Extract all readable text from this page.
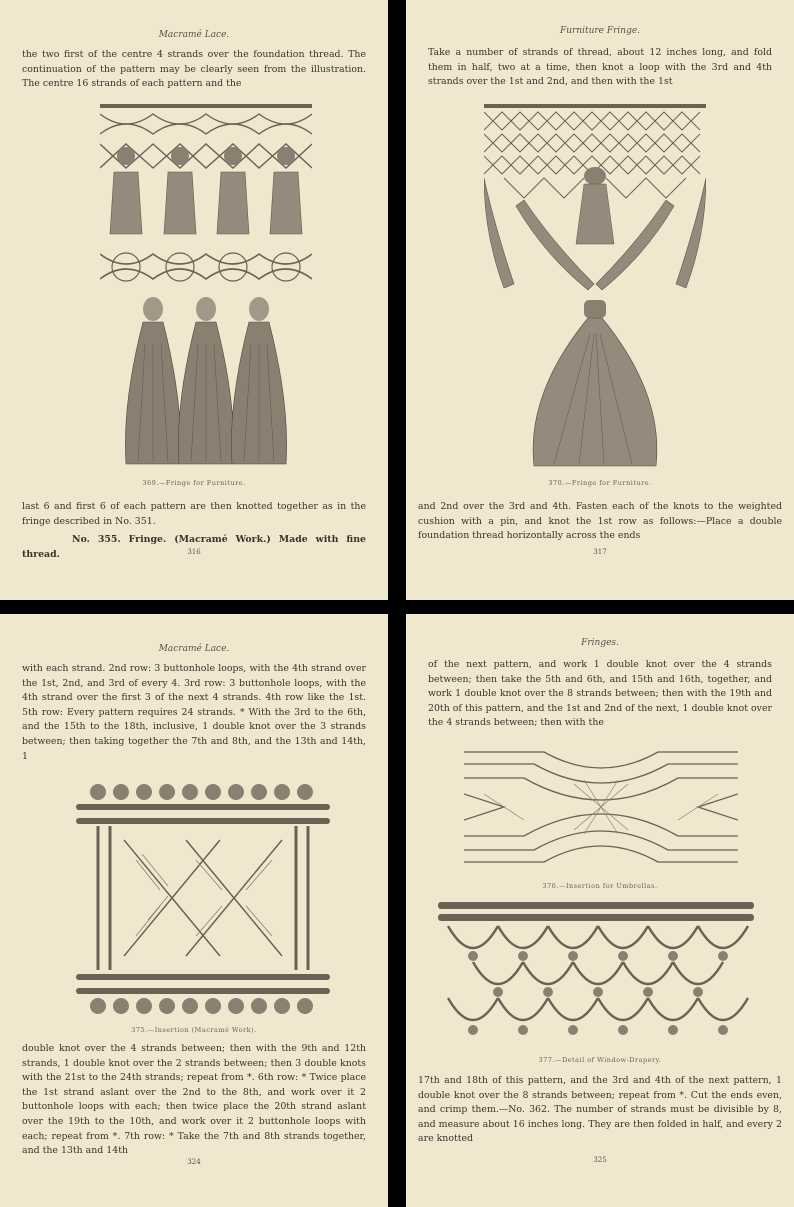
Macramé Lace.

the two first of the centre 4 strands over the foundation thread. The continuation of the pattern may be clearly seen from the illustration. The centre 16 strands of each pattern and the

369.—Fringe for Furniture.

last 6 and first 6 of each pattern are then knotted together as in the fringe described in No. 351.

No. 355. Fringe. (Macramé Work.) Made with fine thread.	316
Furniture Fringe.

Take a number of strands of thread, about 12 inches long, and fold them in half, two at a time, then knot a loop with the 3rd and 4th strands over the 1st and 2nd, and then with the 1st

370.—Fringe for Furniture.

and 2nd over the 3rd and 4th. Fasten each of the knots to the weighted cushion with a pin, and knot the 1st row as follows:—Place a double foundation thread horizontally across the ends

317
Macramé Lace.

with each strand. 2nd row: 3 buttonhole loops, with the 4th strand over the 1st, 2nd, and 3rd of every 4. 3rd row: 3 buttonhole loops, with the 4th strand over the first 3 of the next 4 strands. 4th row like the 1st. 5th row: Every pattern requires 24 strands. * With the 3rd to the 6th, and the 15th to the 18th, inclusive, 1 double knot over the 3 strands between; then taking together the 7th and 8th, and the 13th and 14th, 1

375.—Insertion (Macramé Work).

double knot over the 4 strands between; then with the 9th and 12th strands, 1 double knot over the 2 strands between; then 3 double knots with the 21st to the 24th strands; repeat from *. 6th row: * Twice place the 1st strand aslant over the 2nd to the 8th, and work over it 2 buttonhole loops with each; then twice place the 20th strand aslant over the 19th to the 10th, and work over it 2 buttonhole loops with each; repeat from *. 7th row: * Take the 7th and 8th strands together, and the 13th and 14th

324
Fringes.

of the next pattern, and work 1 double knot over the 4 strands between; then take the 5th and 6th, and 15th and 16th, together, and work 1 double knot over the 8 strands between; then with the 19th and 20th of this pattern, and the 1st and 2nd of the next, 1 double knot over the 4 strands between; then with the

376.—Insertion for Umbrellas.
377.—Detail of Window-Drapery.

17th and 18th of this pattern, and the 3rd and 4th of the next pattern, 1 double knot over the 8 strands between; repeat from *. Cut the ends even, and crimp them.—No. 362. The number of strands must be divisible by 8, and measure about 16 inches long. They are then folded in half, and every 2 are knotted

325
